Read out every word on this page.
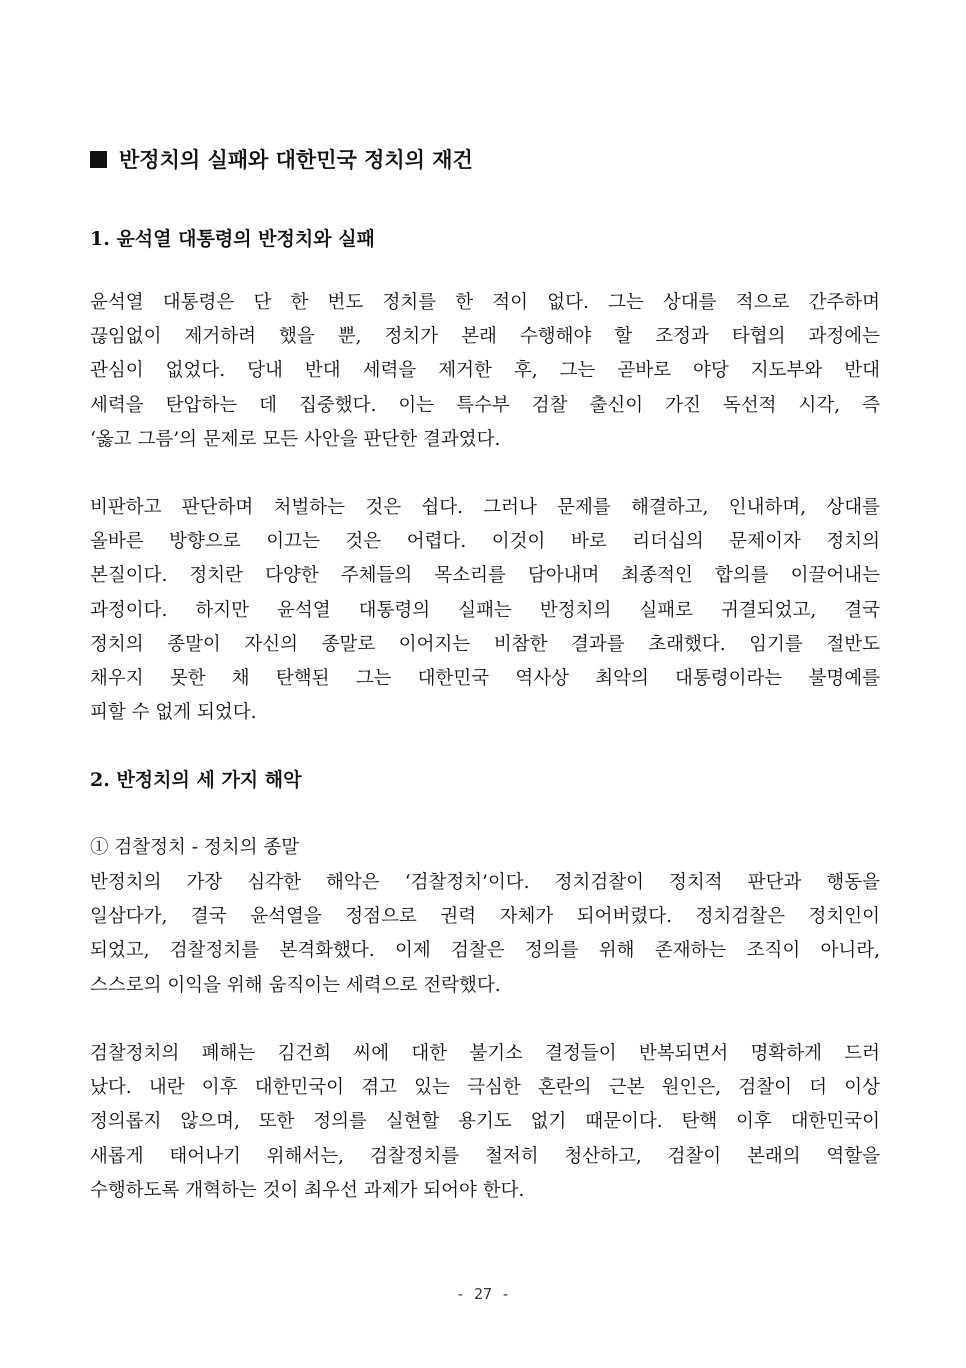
반정치의 실패와 대한민국 정치의 재건
1. 윤석열 대통령의 반정치와 실패

윤석열 대통령은 단 한 번도 정치를 한 적이 없다. 그는 상대를 적으로 간주하며
끊임없이 제거하려 했을 뿐, 정치가 본래 수행해야 할 조정과 타협의 과정에는
관심이 없었다. 당내 반대 세력을 제거한 후, 그는 곧바로 야당 지도부와 반대
세력을 탄압하는 데 집중했다. 이는 특수부 검찰 출신이 가진 독선적 시각, 즉
‘옳고 그름’의 문제로 모든 사안을 판단한 결과였다.

비판하고 판단하며 처벌하는 것은 쉽다. 그러나 문제를 해결하고, 인내하며, 상대를
올바른 방향으로 이끄는 것은 어렵다. 이것이 바로 리더십의 문제이자 정치의
본질이다. 정치란 다양한 주체들의 목소리를 담아내며 최종적인 합의를 이끌어내는
과정이다. 하지만 윤석열 대통령의 실패는 반정치의 실패로 귀결되었고, 결국
정치의 종말이 자신의 종말로 이어지는 비참한 결과를 초래했다. 임기를 절반도
채우지 못한 채 탄핵된 그는 대한민국 역사상 최악의 대통령이라는 불명예를
피할 수 없게 되었다.

2. 반정치의 세 가지 해악
① 검찰정치 - 정치의 종말

반정치의 가장 심각한 해악은 ‘검찰정치’이다. 정치검찰이 정치적 판단과 행동을
일삼다가, 결국 윤석열을 정점으로 권력 자체가 되어버렸다. 정치검찰은 정치인이
되었고, 검찰정치를 본격화했다. 이제 검찰은 정의를 위해 존재하는 조직이 아니라,
스스로의 이익을 위해 움직이는 세력으로 전락했다.

검찰정치의 폐해는 김건희 씨에 대한 불기소 결정들이 반복되면서 명확하게 드러
났다. 내란 이후 대한민국이 겪고 있는 극심한 혼란의 근본 원인은, 검찰이 더 이상
정의롭지 않으며, 또한 정의를 실현할 용기도 없기 때문이다. 탄핵 이후 대한민국이
새롭게 태어나기 위해서는, 검찰정치를 철저히 청산하고, 검찰이 본래의 역할을
수행하도록 개혁하는 것이 최우선 과제가 되어야 한다.

- 27 -
